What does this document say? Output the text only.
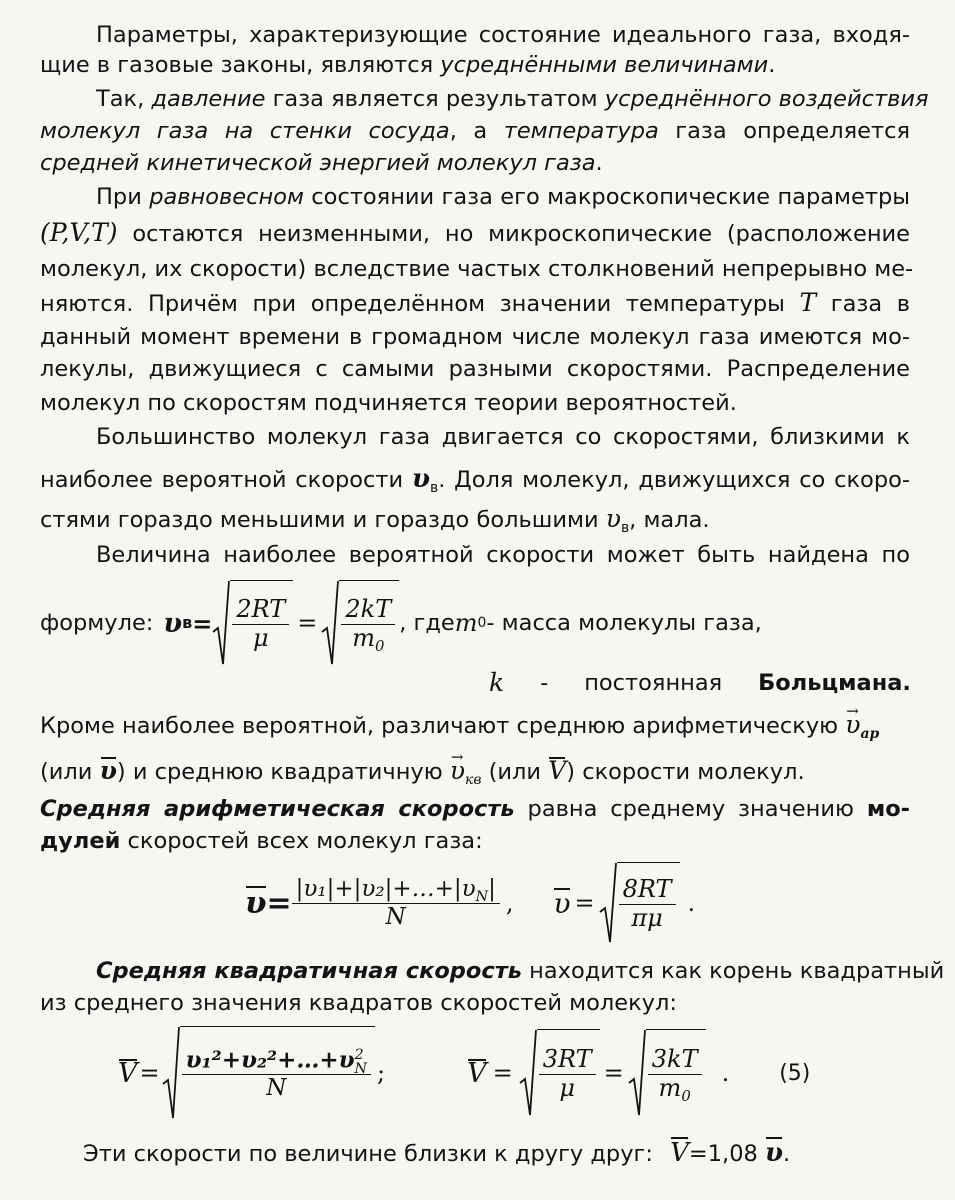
Параметры, характеризующие состояние идеального газа, входя-
щие в газовые законы, являются усреднёнными величинами.
Так, давление газа является результатом усреднённого воздействия
молекул газа на стенки сосуда, а температура газа определяется
средней кинетической энергией молекул газа.
При равновесном состоянии газа его макроскопические параметры
(P,V,T) остаются неизменными, но микроскопические (расположение
молекул, их скорости) вследствие частых столкновений непрерывно ме-
няются. Причём при определённом значении температуры T газа в
данный момент времени в громадном числе молекул газа имеются мо-
лекулы, движущиеся с самыми разными скоростями. Распределение
молекул по скоростям подчиняется теории вероятностей.
Большинство молекул газа двигается со скоростями, близкими к
наиболее вероятной скорости $\upsilon_в$. Доля молекул, движущихся со скоро-
стями гораздо меньшими и гораздо большими $\upsilon_в$, мала.
Величина наиболее вероятной скорости может быть найдена по
формуле: υ $в = \frac{2RT}{\mu} = \frac{2kT}{m_0}$ , где m 0 - масса молекулы газа,
k - постоянная Больцмана.
Кроме наиболее вероятной, различают среднюю арифметическую → $\upsilon_{ар}$
(или υ) и среднюю квадратичную → $\upsilon_{кв}$ (или V) скорости молекул.
Средняя арифметическая скорость равна среднему значению мо-
дулей скоростей всех молекул газа:
$\upsilon = \frac{|\upsilon_1|+|\upsilon_2|+\dots+|\upsilon_N|}{N}$ , $\upsilon = \frac{8RT}{\pi\mu}$ .
Средняя квадратичная скорость находится как корень квадратный
из среднего значения квадратов скоростей молекул:
$V = \frac{\upsilon_1^2+\upsilon_2^2+\dots+\upsilon^2_N}{N}$ ;	$V = \frac{3RT}{\mu} = \frac{3kT}{m_0}$ . (5)
Эти скорости по величине близки к другу друг: V=1,08 υ.
